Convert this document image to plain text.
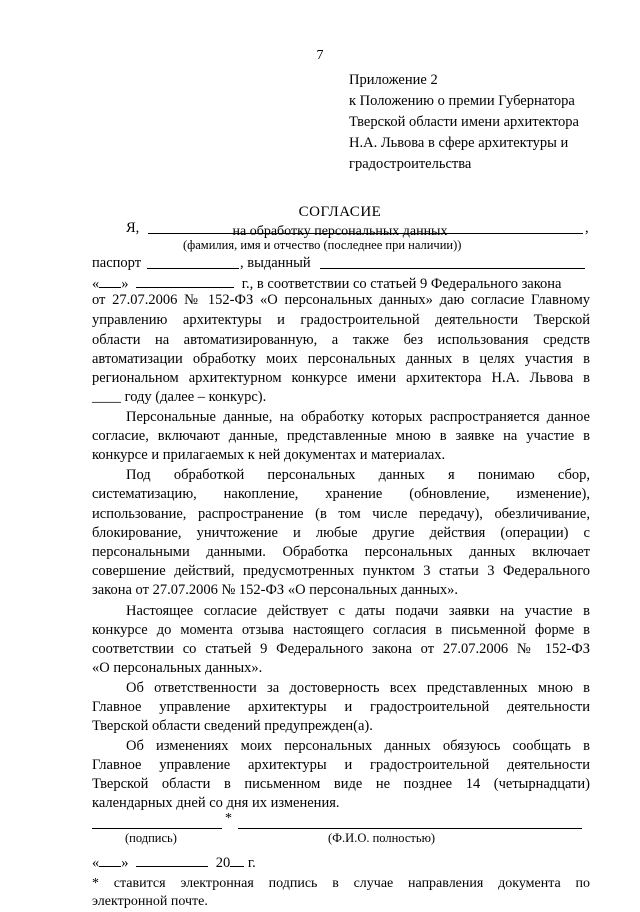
7
Приложение 2
к Положению о премии Губернатора
Тверской области имени архитектора
Н.А. Львова в сфере архитектуры и
градостроительства
СОГЛАСИЕ
на обработку персональных данных
Я,	,
(фамилия, имя и отчество (последнее при наличии))
паспорт	, выданный
« »	г., в соответствии со статьей 9 Федерального закона
от 27.07.2006 № 152-ФЗ «О персональных данных» даю согласие Главному
управлению архитектуры и градостроительной деятельности Тверской
области на автоматизированную, а также без использования средств
автоматизации обработку моих персональных данных в целях участия в
региональном архитектурном конкурсе имени архитектора Н.А. Львова в
____ году (далее – конкурс).
Персональные данные, на обработку которых распространяется данное
согласие, включают данные, представленные мною в заявке на участие в
конкурсе и прилагаемых к ней документах и материалах.
Под обработкой персональных данных я понимаю сбор,
систематизацию, накопление, хранение (обновление, изменение),
использование, распространение (в том числе передачу), обезличивание,
блокирование, уничтожение и любые другие действия (операции) с
персональными данными. Обработка персональных данных включает
совершение действий, предусмотренных пунктом 3 статьи 3 Федерального
закона от 27.07.2006 № 152-ФЗ «О персональных данных».
Настоящее согласие действует с даты подачи заявки на участие в
конкурсе до момента отзыва настоящего согласия в письменной форме в
соответствии со статьей 9 Федерального закона от 27.07.2006 № 152-ФЗ
«О персональных данных».
Об ответственности за достоверность всех представленных мною в
Главное управление архитектуры и градостроительной деятельности
Тверской области сведений предупрежден(а).
Об изменениях моих персональных данных обязуюсь сообщать в
Главное управление архитектуры и градостроительной деятельности
Тверской области в письменном виде не позднее 14 (четырнадцати)
календарных дней со дня их изменения.
*
(подпись)	(Ф.И.О. полностью)
« »	20 г.
* ставится электронная подпись в случае направления документа по
электронной почте.
